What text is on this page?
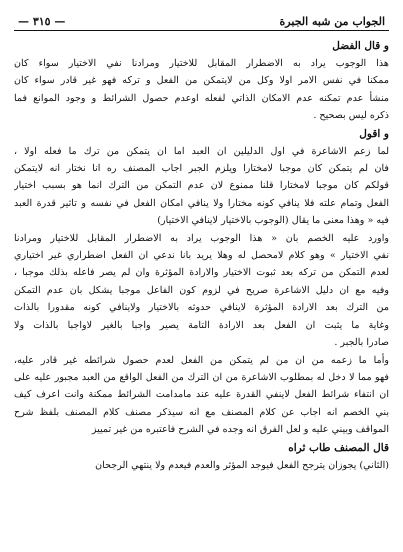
الجواب من شبه الجبرة
— ٣١٥ —

و قال الفضل

هذا الوجوب يراد به الاضطرار المقابل للاختيار ومرادنا نفي الاختيار سواء كان

ممكنا في نفس الامر اولا وكل من لايتمكن من الفعل و تركه فهو غير قادر سواء كان

منشأ عدم تمكنه عدم الامكان الذاتي لفعله اوعدم حصول الشرائط و وجود الموانع فما

ذكره ليس بصحيح .

و اقول

لما زعم الاشاعرة في اول الدليلين ان العبد اما ان يتمكن من ترك ما فعله اولا ،

فان لم يتمكن كان موجبا لامختارا ويلزم الجبر اجاب المصنف ره انا نختار انه لايتمكن

قولكم كان موجبا لامختارا قلنا ممنوع لان عدم التمكن من الترك انما هو بسبب اختيار

الفعل وتمام علته فلا ينافي كونه مختارا ولا ينافي امكان الفعل في نفسه و تاثير قدرة العبد

فيه « وهذا معنى ما يقال (الوجوب بالاختيار لاينافي الاختيار)

واورد عليه الخصم بان « هذا الوجوب يراد به الاضطرار المقابل للاختيار ومرادنا

نفي الاختيار » وهو كلام لامحصل له وهلا يريد بانا ندعي ان الفعل اضطراري غير اختياري

لعدم التمكن من تركه بعد ثبوت الاختيار والارادة المؤثرة وان لم يصر فاعله بذلك موجبا ،

وفيه مع ان دليل الاشاعرة صريح في لزوم كون الفاعل موجبا يشكل بان عدم التمكن

من الترك بعد الارادة المؤثرة لاينافي حدوثه بالاختيار ولاينافي كونه مقدورا بالذات

وغاية ما يثبت ان الفعل بعد الارادة التامة يصير واجبا بالغير لاواجبا بالذات ولا

صادرا بالجبر .

وأما ما زعمه من ان من لم يتمكن من الفعل لعدم حصول شرائطه غير قادر عليه،

فهو مما لا دخل له بمطلوب الاشاعرة من ان الترك من الفعل الواقع من العبد مجبور عليه على

ان انتفاء شرائط الفعل لاينفي القدرة عليه عند مامدامت الشرائط ممكنة وانت اعرف كيف

بني الخصم انه اجاب عن كلام المصنف مع انه سيذكر مصنف كلام المصنف بلفظ شرح

المواقف وبيني عليه و لعل الفرق انه وجده في الشرح فاعتبره من غير تمييز

قال المصنف طاب ثراه

(الثاني) يجوزان يترجح الفعل فيوجد المؤثر والعدم فيعدم ولا ينتهي الرجحان
